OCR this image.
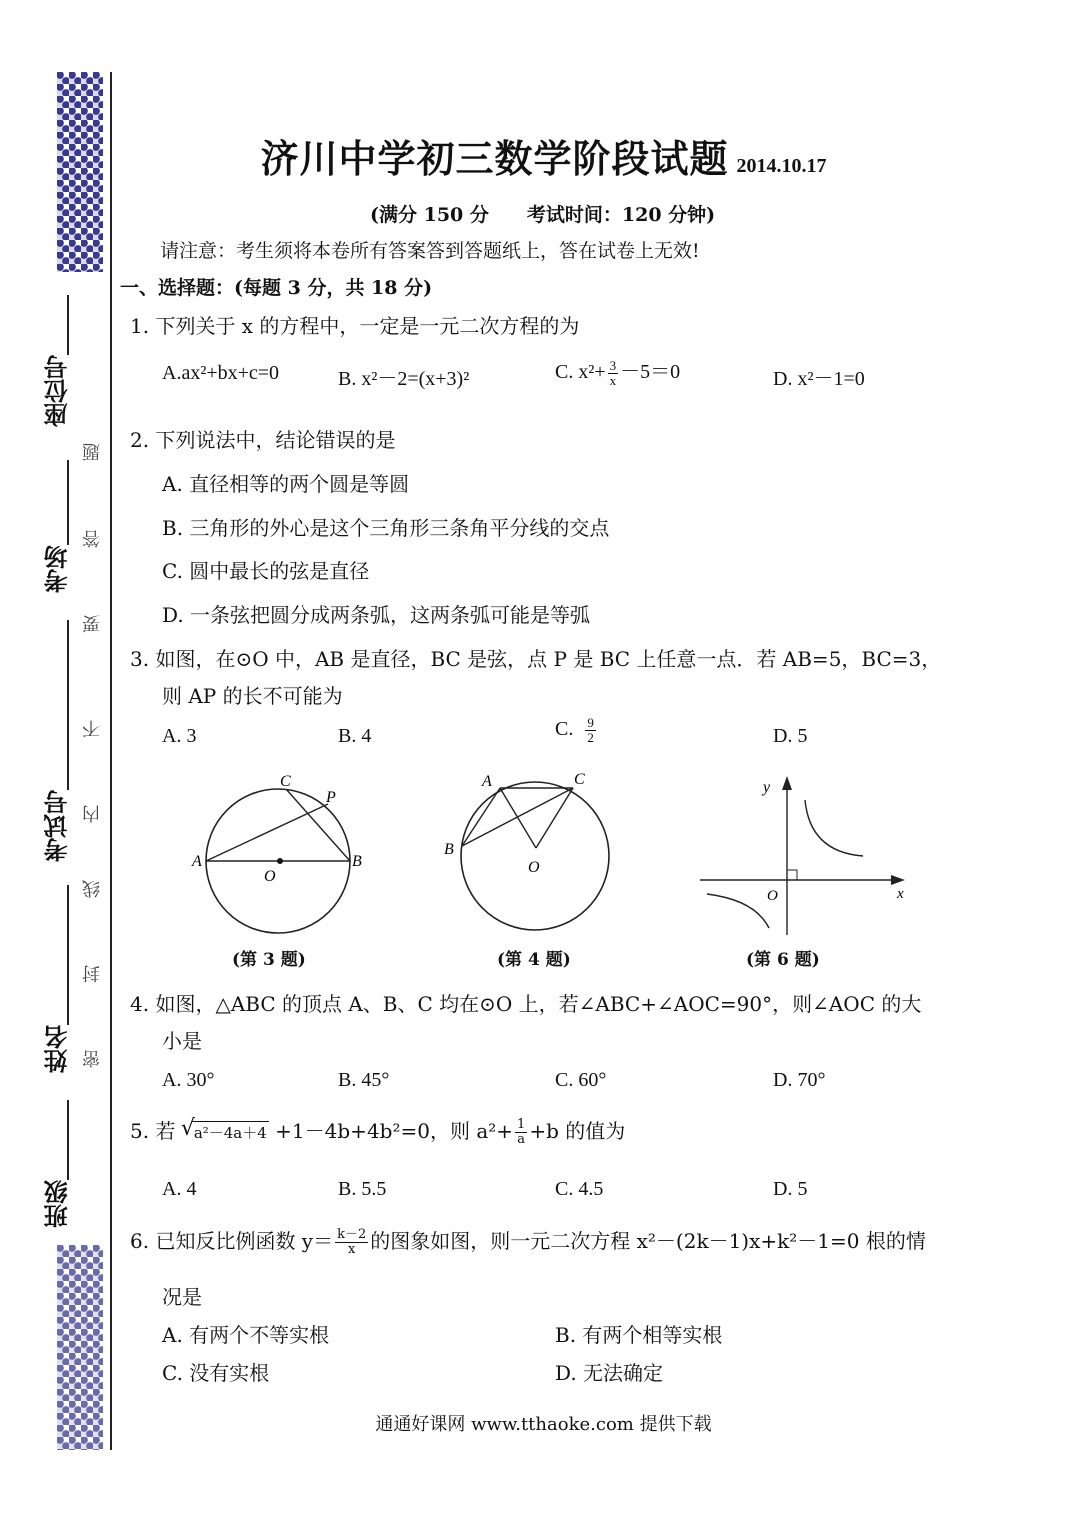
座位号
考场
考试号
姓名
班级
题
答
要
不
内
线
封
密
济川中学初三数学阶段试题 2014.10.17
(满分 150 分　　考试时间：120 分钟)
请注意：考生须将本卷所有答案答到答题纸上，答在试卷上无效!
一、选择题：(每题 3 分，共 18 分)
1. 下列关于 x 的方程中，一定是一元二次方程的为
A.ax²+bx+c=0	B. x²－2=(x+3)²	C. $x^2+ \frac{3}{x} -5=0$	D. x²－1=0
2. 下列说法中，结论错误的是
A. 直径相等的两个圆是等圆
B. 三角形的外心是这个三角形三条角平分线的交点
C. 圆中最长的弦是直径
D. 一条弦把圆分成两条弧，这两条弧可能是等弧
3. 如图，在⊙O 中，AB 是直径，BC 是弦，点 P 是 BC 上任意一点．若 AB=5，BC=3，
则 AP 的长不可能为
A. 3	B. 4	C. $\frac{9}{2}$	D. 5
A	B
C
P
O
(第 3 题)
A	C
B
O
(第 4 题)
y
x
O
(第 6 题)
4. 如图，△ABC 的顶点 A、B、C 均在⊙O 上，若∠ABC+∠AOC=90°，则∠AOC 的大
小是
A. 30°	B. 45°	C. 60°	D. 70°
5. 若 √
a²－4a＋4 +1－4b+4b²=0，则 $a^2+ \frac{1}{a} +b$ 的值为
A. 4	B. 5.5	C. 4.5	D. 5
6. 已知反比例函数 $y= \frac{k-2}{x}$ 的图象如图，则一元二次方程 x²－(2k－1)x+k²－1=0 根的情
况是
A. 有两个不等实根	B. 有两个相等实根
C. 没有实根	D. 无法确定
通通好课网 www.tthaoke.com 提供下载
